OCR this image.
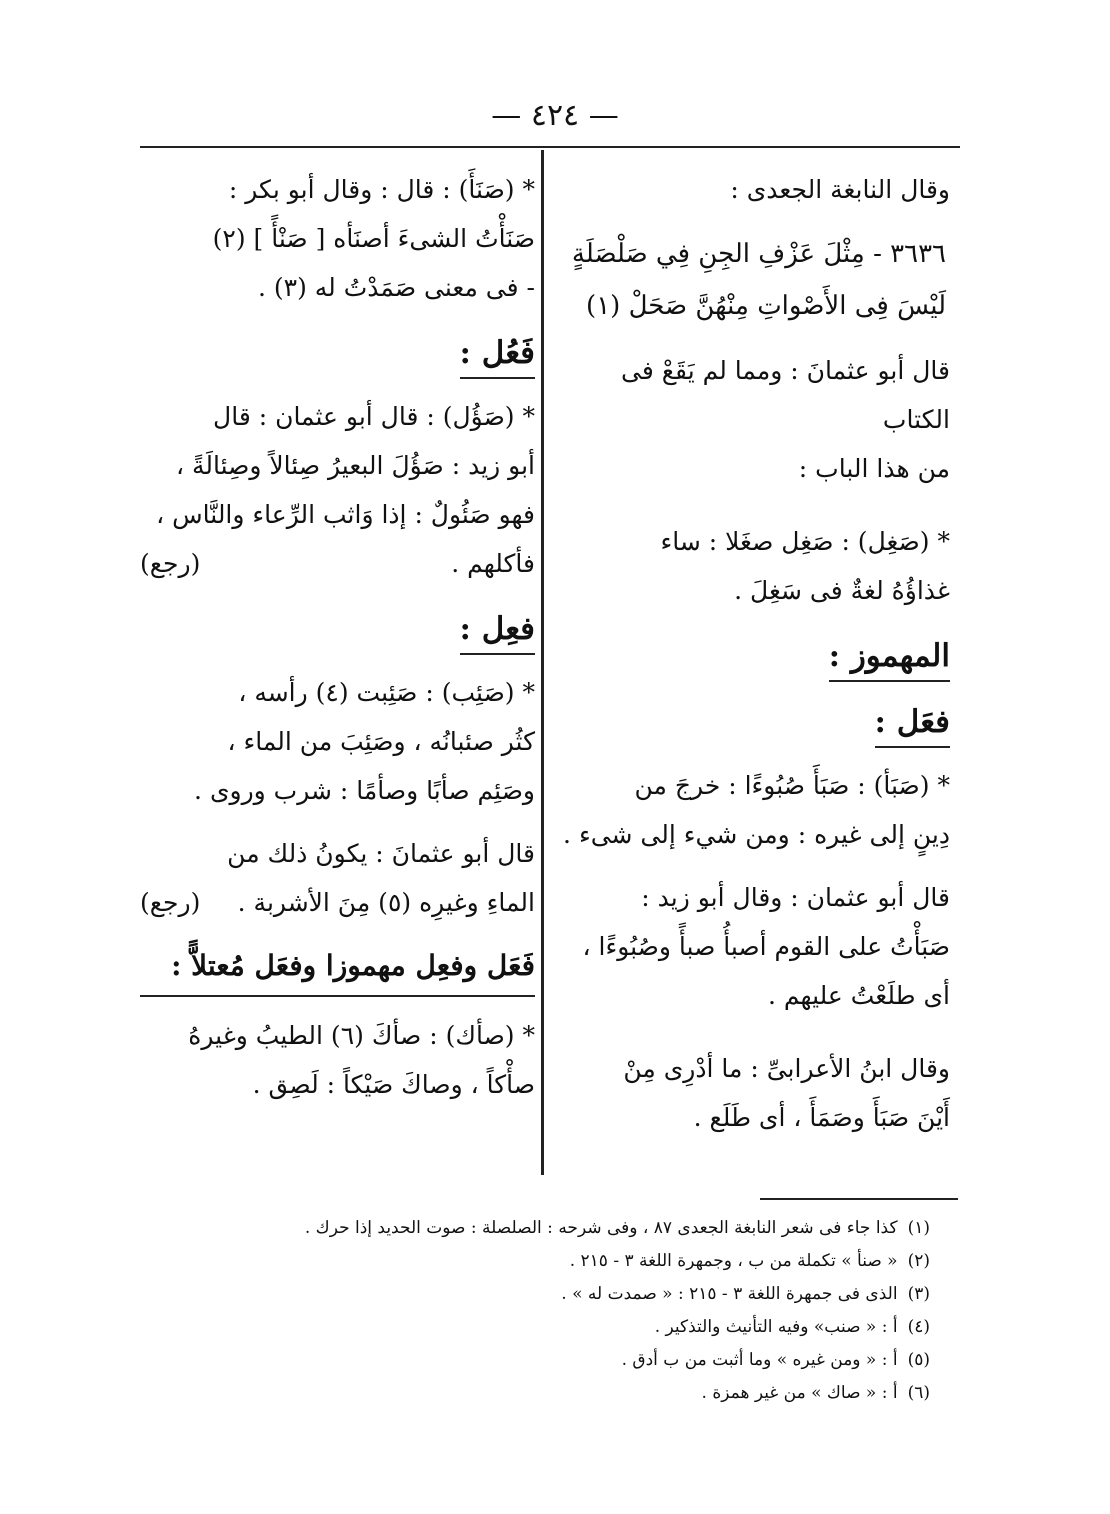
— ٤٢٤ —
وقال النابغة الجعدى :
٣٦٣٦ - مِثْلَ عَزْفِ الجِنِ فِي صَلْصَلَةٍ
لَيْسَ فِى الأَصْواتِ مِنْهُنَّ صَحَلْ (١)
قال أبو عثمانَ : ومما لم يَقَعْ فى الكتاب
من هذا الباب :
* (صَغِل) : صَغِل صغَلا : ساء
غذاؤُهُ لغةٌ فى سَغِلَ .
المهموز :
فعَل :
* (صَبَأ) : صَبَأَ صُبُوءًا : خرجَ من
دِينٍ إلى غيره : ومن شيء إلى شىء .
قال أبو عثمان : وقال أبو زيد :
صَبَأْتُ على القوم أصبأُ صبأً وصُبُوءًا ،
أى طلَعْتُ عليهم .
وقال ابنُ الأعرابىِّ : ما أدْرِى مِنْ
أَيْنَ صَبَأَ وصَمَأَ ، أى طَلَع .
* (صَنَأَ) : قال : وقال أبو بكر :
صَنَأْتُ الشىءَ أصنَأه [ صَنْأً ] (٢)
- فى معنى صَمَدْتُ له (٣) .
فَعُل :
* (صَؤُل) : قال أبو عثمان : قال
أبو زيد : صَؤُلَ البعيرُ صِئالاً وصِئالَةً ،
فهو صَئُولٌ : إذا وَاثب الرِّعاء والنَّاس ،
فأكلهم .
(رجع)
فعِل :
* (صَئِب) : صَئِبت (٤) رأسه ،
كثُر صئبانُه ، وصَئِبَ من الماء ،
وصَئِم صأبًا وصأمًا : شرب وروى .
قال أبو عثمانَ : يكونُ ذلك من
الماءِ وغيرِه (٥) مِنَ الأشربة .
(رجع)
فَعَل وفعِل مهموزا وفعَل مُعتلاًّ :
* (صأك) : صأكَ (٦) الطيبُ وغيرهُ
صأْكاً ، وصاكَ صَيْكاً : لَصِق .
(١)كذا جاء فى شعر النابغة الجعدى ٨٧ ، وفى شرحه : الصلصلة : صوت الحديد إذا حرك .
(٢)« صنأ » تكملة من ب ، وجمهرة اللغة ٣ - ٢١٥ .
(٣)الذى فى جمهرة اللغة ٣ - ٢١٥ : « صمدت له » .
(٤)أ : « صنب» وفيه التأنيث والتذكير .
(٥)أ : « ومن غيره » وما أثبت من ب أدق .
(٦)أ : « صاك » من غير همزة .
